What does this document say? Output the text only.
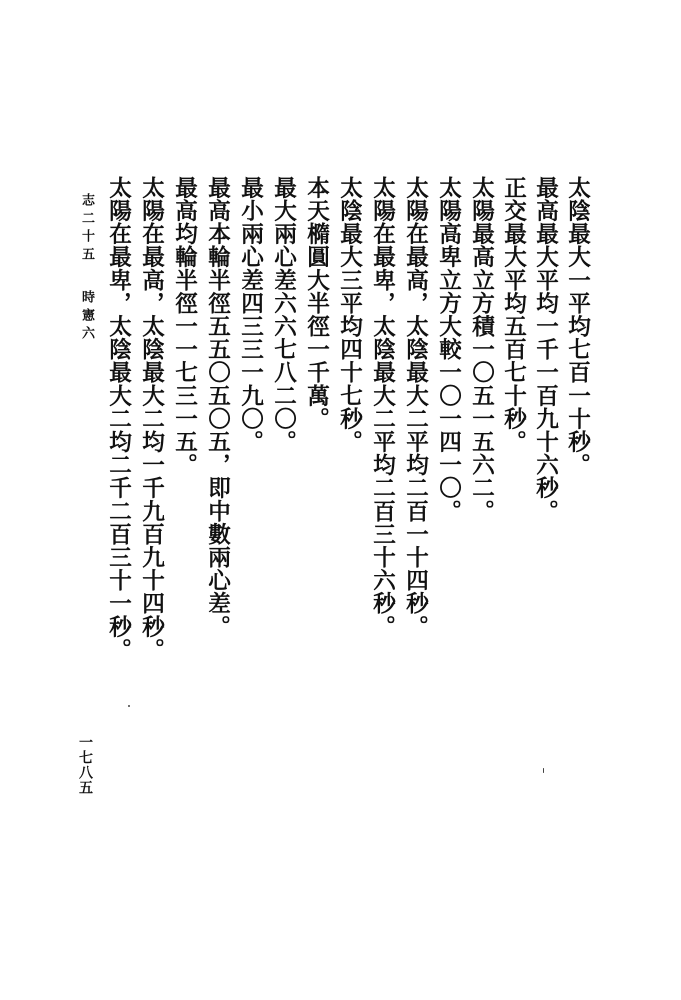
太陰最大一平均七百一十秒。
最高最大平均一千一百九十六秒。
正交最大平均五百七十秒。
太陽最高立方積一〇五一五六二。
太陽高卑立方大較一〇一四一〇。
太陽在最高，太陰最大二平均二百一十四秒。
太陽在最卑，太陰最大二平均二百三十六秒。
太陰最大三平均四十七秒。
本天橢圓大半徑一千萬。
最大兩心差六六七八二〇。
最小兩心差四三三一九〇。
最高本輪半徑五五〇五〇五，即中數兩心差。
最高均輪半徑一一七三一五。
太陽在最高，太陰最大二均一千九百九十四秒。
太陽在最卑，太陰最大二均二千二百三十一秒。
志二十五
時憲六
一七八五
